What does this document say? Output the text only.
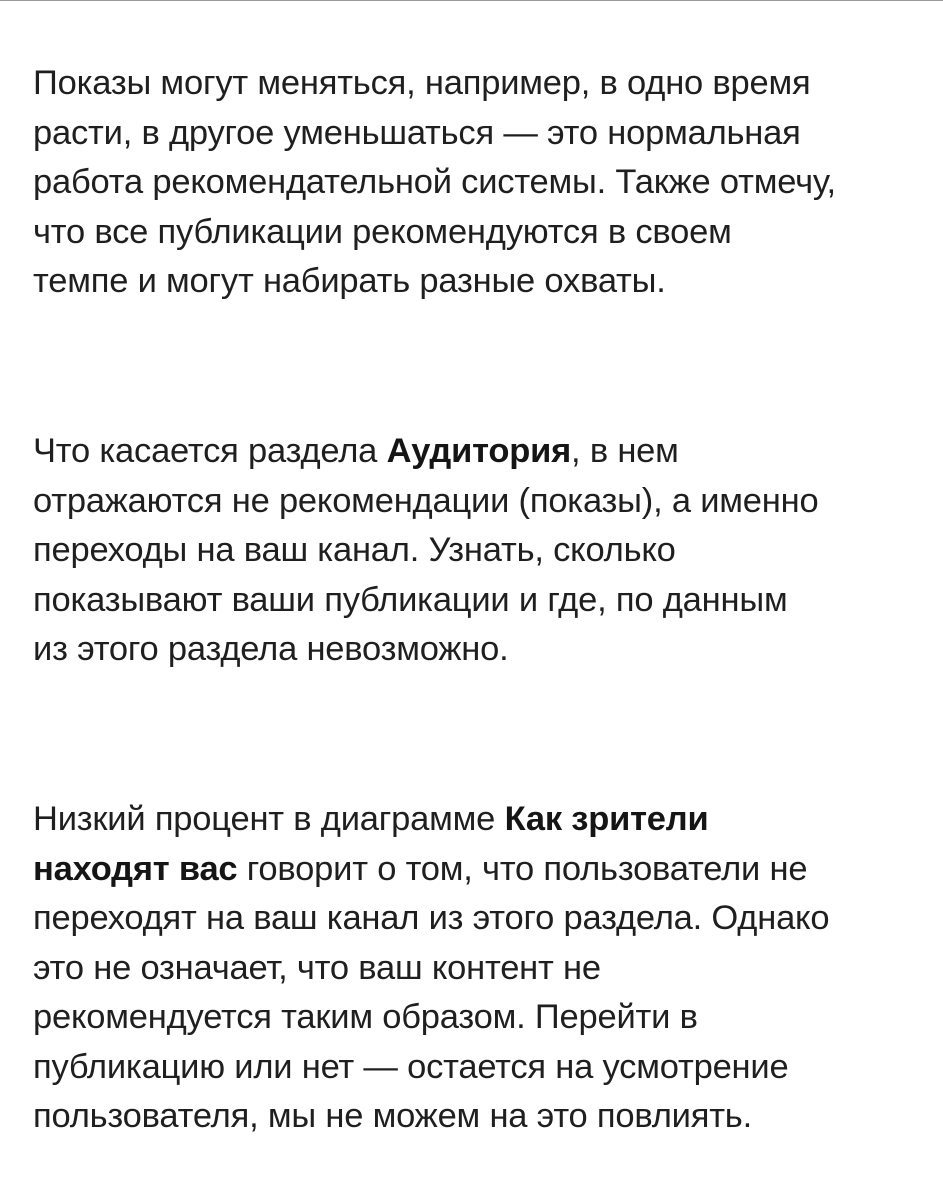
Показы могут меняться, например, в одно время
расти, в другое уменьшаться — это нормальная
работа рекомендательной системы. Также отмечу,
что все публикации рекомендуются в своем
темпе и могут набирать разные охваты.
Что касается раздела Аудитория, в нем
отражаются не рекомендации (показы), а именно
переходы на ваш канал. Узнать, сколько
показывают ваши публикации и где, по данным
из этого раздела невозможно.
Низкий процент в диаграмме Как зрители
находят вас говорит о том, что пользователи не
переходят на ваш канал из этого раздела. Однако
это не означает, что ваш контент не
рекомендуется таким образом. Перейти в
публикацию или нет — остается на усмотрение
пользователя, мы не можем на это повлиять.
